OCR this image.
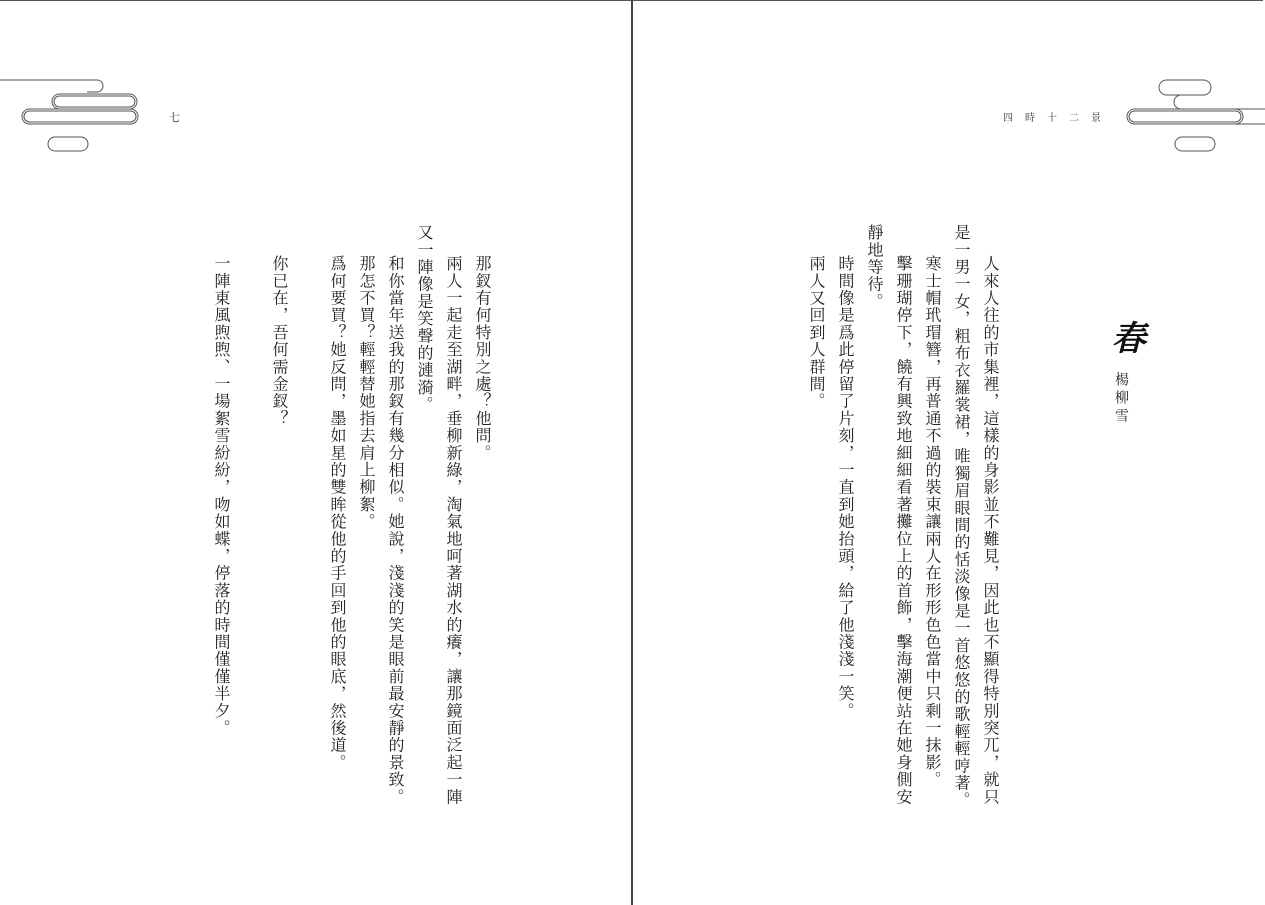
七
那釵有何特別之處？他問。
兩人一起走至湖畔，垂柳新綠，淘氣地呵著湖水的癢，讓那鏡面泛起一陣
又一陣像是笑聲的漣漪。
和你當年送我的那釵有幾分相似。她說，淺淺的笑是眼前最安靜的景致。
那怎不買？輕輕替她指去肩上柳絮。
爲何要買？她反問，墨如星的雙眸從他的手回到他的眼底，然後道。
你已在，吾何需金釵？
一陣東風煦煦、一場絮雪紛紛，吻如蝶，停落的時間僅僅半夕。
四時十二景
春
楊柳雪
人來人往的市集裡，這樣的身影並不難見，因此也不顯得特別突兀，就只
是一男一女，粗布衣羅裳裙，唯獨眉眼間的恬淡像是一首悠悠的歌輕輕哼著。
寒士帽玳瑁簪，再普通不過的裝束讓兩人在形形色色當中只剩一抹影。
擊珊瑚停下，饒有興致地細細看著攤位上的首飾，擊海潮便站在她身側安
靜地等待。
時間像是爲此停留了片刻，一直到她抬頭，給了他淺淺一笑。
兩人又回到人群間。
